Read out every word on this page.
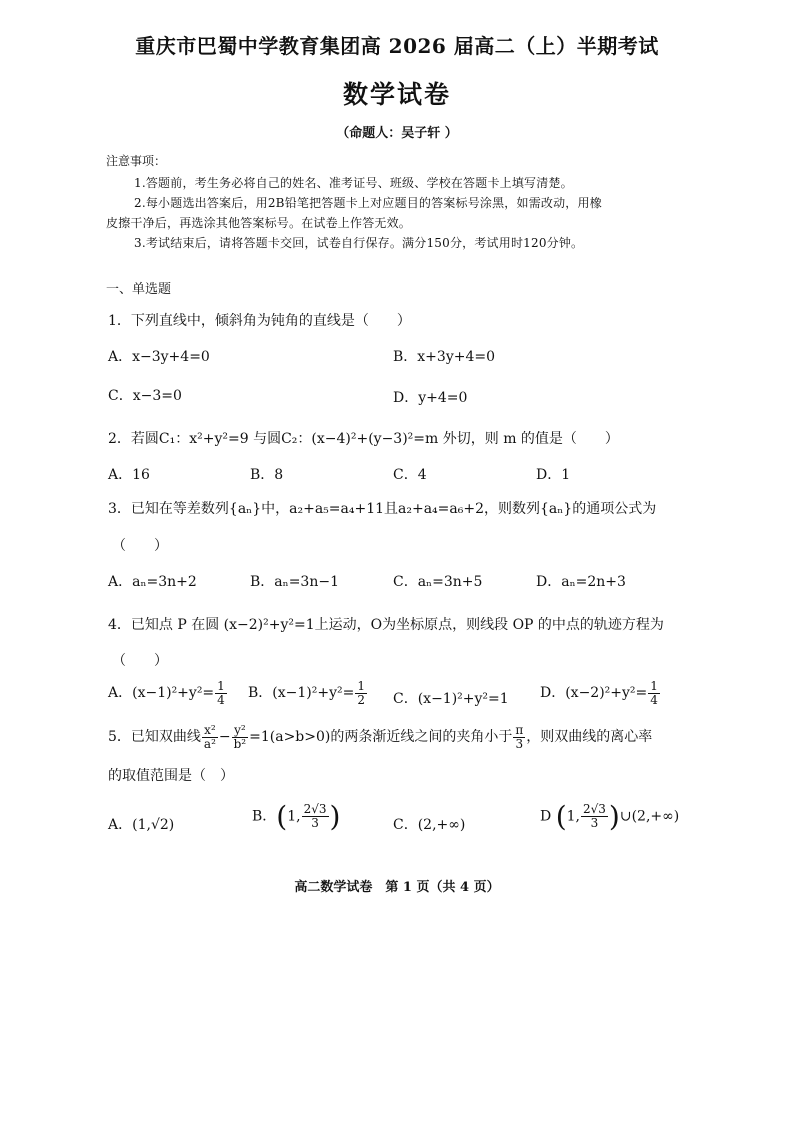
重庆市巴蜀中学教育集团高 2026 届高二（上）半期考试
数学试卷
（命题人：吴子轩 ）
注意事项：
1.答题前，考生务必将自己的姓名、准考证号、班级、学校在答题卡上填写清楚。
2.每小题选出答案后，用2B铅笔把答题卡上对应题目的答案标号涂黑，如需改动，用橡
皮擦干净后，再选涂其他答案标号。在试卷上作答无效。
3.考试结束后，请将答题卡交回，试卷自行保存。满分150分，考试用时120分钟。
一、单选题
1．下列直线中，倾斜角为钝角的直线是（　　）
A．x−3y+4=0	B．x+3y+4=0
C．x−3=0	D．y+4=0
2．若圆C₁：x²+y²=9 与圆C₂：(x−4)²+(y−3)²=m 外切，则 m 的值是（　　）
A．16	B．8	C．4	D．1
3．已知在等差数列{aₙ}中，a₂+a₅=a₄+11且a₂+a₄=a₆+2，则数列{aₙ}的通项公式为
（　　）
A．aₙ=3n+2	B．aₙ=3n−1	C．aₙ=3n+5	D．aₙ=2n+3
4．已知点 P 在圆 (x−2)²+y²=1上运动，O为坐标原点，则线段 OP 的中点的轨迹方程为
（　　）
A．$(x-1)^2+y^2= \frac{1}{4}$ B．$(x-1)^2+y^2= \frac{1}{2}$ C．(x−1)²+y²=1 D．$(x-2)^2+y^2= \frac{1}{4}$
5．已知双曲线 $\frac{\text{x²}}{\text{a²}} - \frac{\text{y²}}{\text{b²}} =1(a>b>0)$的两条渐近线之间的夹角小于 $\frac{\pi}{3}$ ，则双曲线的离心率
的取值范围是（　）
A．(1,√2)
B．(1, $\frac{2√3}{3}$ )	C．(2,+∞)
D (1, $\frac{2√3}{3}$ )∪(2,+∞)
高二数学试卷　第 1 页（共 4 页）
